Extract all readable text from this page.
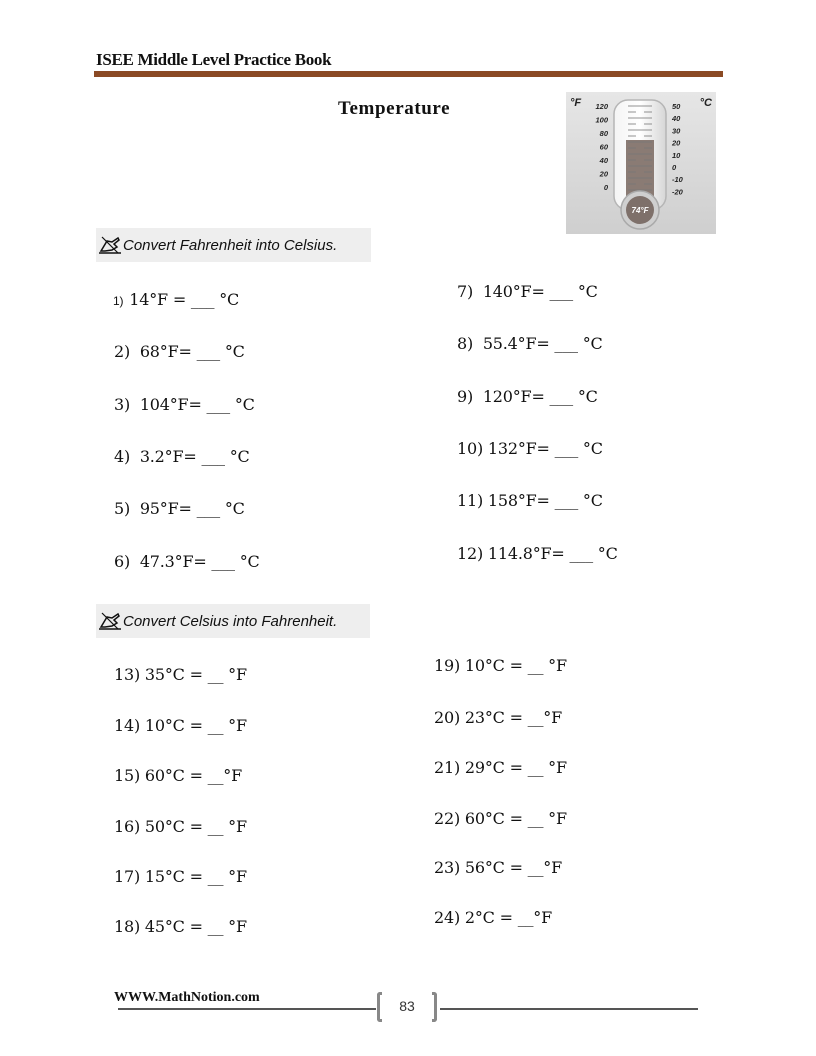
ISEE Middle Level Practice Book
Temperature	°F	°C
120
100
80
60
40
20
0
50
40
30
20
10
0
-10
-20
74°F
Convert Fahrenheit into Celsius.
1) 14°F = ___ °C
2) 68°F= ___ °C
3) 104°F= ___ °C
4) 3.2°F= ___ °C
5) 95°F= ___ °C
6) 47.3°F= ___ °C
7) 140°F= ___ °C
8) 55.4°F= ___ °C
9) 120°F= ___ °C
10) 132°F= ___ °C
11) 158°F= ___ °C
12) 114.8°F= ___ °C
Convert Celsius into Fahrenheit.
13) 35°C = __ °F
14) 10°C = __ °F
15) 60°C = __°F
16) 50°C = __ °F
17) 15°C = __ °F
18) 45°C = __ °F
19) 10°C = __ °F
20) 23°C = __°F
21) 29°C = __ °F
22) 60°C = __ °F
23) 56°C = __°F
24) 2°C = __°F
WWW.MathNotion.com
83
